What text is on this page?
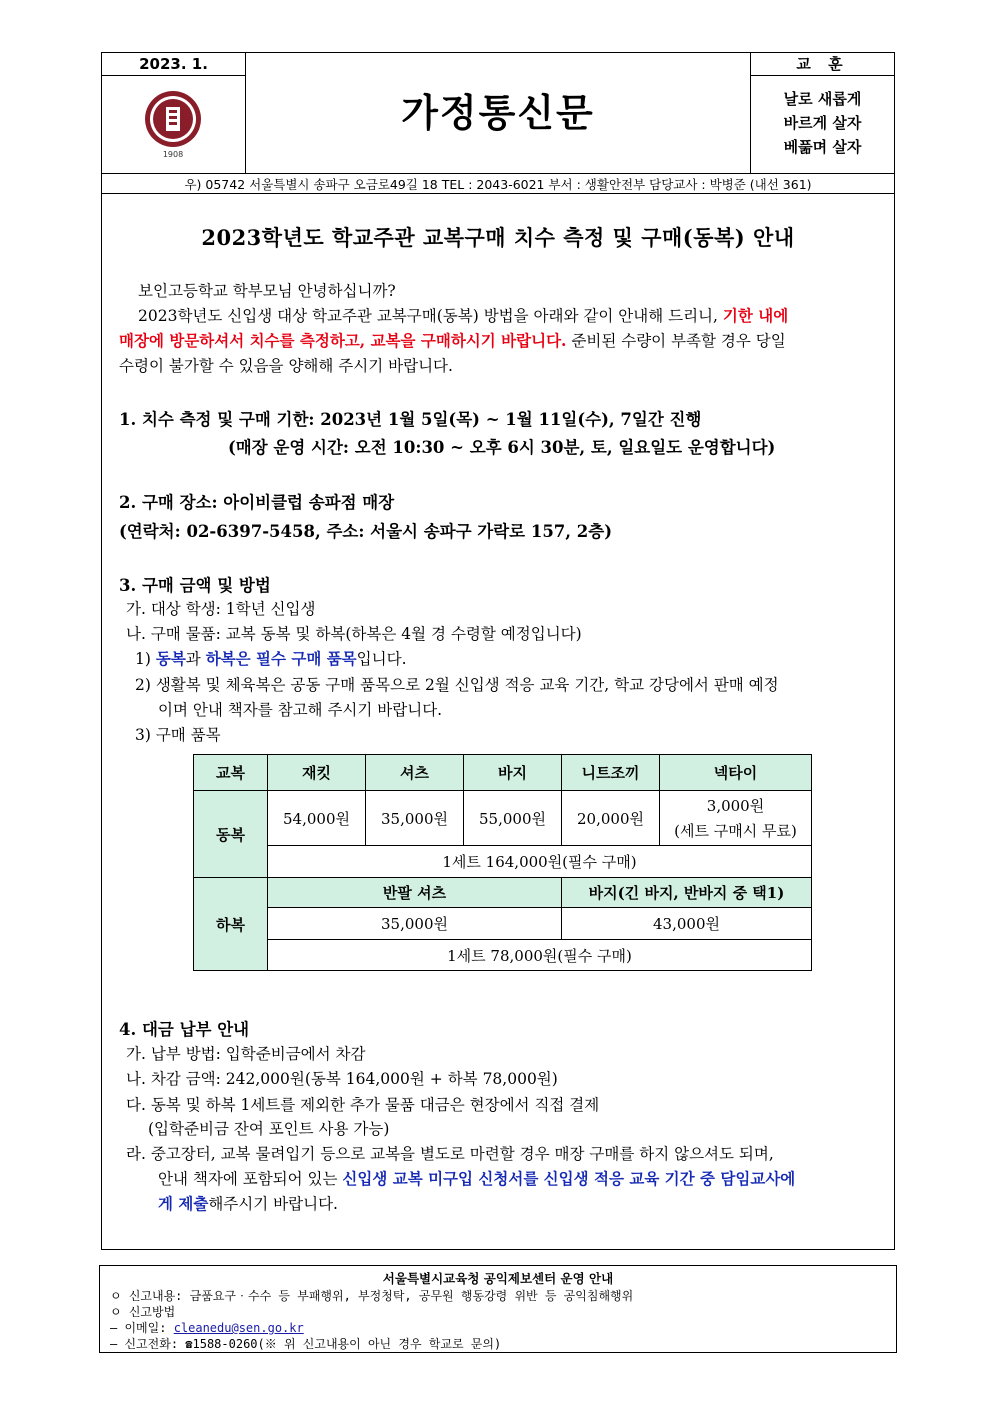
2023. 1.
1908
가정통신문
교 훈
날로 새롭게
바르게 살자
베풂며 살자
우) 05742 서울특별시 송파구 오금로49길 18 TEL : 2043-6021 부서 : 생활안전부 담당교사 : 박병준 (내선 361)
2023학년도 학교주관 교복구매 치수 측정 및 구매(동복) 안내
보인고등학교 학부모님 안녕하십니까?
2023학년도 신입생 대상 학교주관 교복구매(동복) 방법을 아래와 같이 안내해 드리니, 기한 내에
매장에 방문하셔서 치수를 측정하고, 교복을 구매하시기 바랍니다. 준비된 수량이 부족할 경우 당일
수령이 불가할 수 있음을 양해해 주시기 바랍니다.
1. 치수 측정 및 구매 기한: 2023년 1월 5일(목) ~ 1월 11일(수), 7일간 진행
(매장 운영 시간: 오전 10:30 ~ 오후 6시 30분, 토, 일요일도 운영합니다)
2. 구매 장소: 아이비클럽 송파점 매장
(연락처: 02-6397-5458, 주소: 서울시 송파구 가락로 157, 2층)
3. 구매 금액 및 방법
가. 대상 학생: 1학년 신입생
나. 구매 물품: 교복 동복 및 하복(하복은 4월 경 수령할 예정입니다)
1) 동복과 하복은 필수 구매 품목입니다.
2) 생활복 및 체육복은 공동 구매 품목으로 2월 신입생 적응 교육 기간, 학교 강당에서 판매 예정
이며 안내 책자를 참고해 주시기 바랍니다.
3) 구매 품목
교복	재킷	셔츠	바지	니트조끼	넥타이
동복	54,000원	35,000원	55,000원	20,000원	3,000원
(세트 구매시 무료)

	1세트 164,000원(필수 구매)				
하복	반팔 셔츠			바지(긴 바지, 반바지 중 택1)	
	35,000원			43,000원	
	1세트 78,000원(필수 구매)				
4. 대금 납부 안내
가. 납부 방법: 입학준비금에서 차감
나. 차감 금액: 242,000원(동복 164,000원 + 하복 78,000원)
다. 동복 및 하복 1세트를 제외한 추가 물품 대금은 현장에서 직접 결제
(입학준비금 잔여 포인트 사용 가능)
라. 중고장터, 교복 물려입기 등으로 교복을 별도로 마련할 경우 매장 구매를 하지 않으셔도 되며,
안내 책자에 포함되어 있는 신입생 교복 미구입 신청서를 신입생 적응 교육 기간 중 담임교사에
게 제출해주시기 바랍니다.
서울특별시교육청 공익제보센터 운영 안내
ㅇ 신고내용: 금품요구‧수수 등 부패행위, 부정청탁, 공무원 행동강령 위반 등 공익침해행위
ㅇ 신고방법
– 이메일: cleanedu@sen.go.kr
– 신고전화: ☎1588-0260(※ 위 신고내용이 아닌 경우 학교로 문의)
